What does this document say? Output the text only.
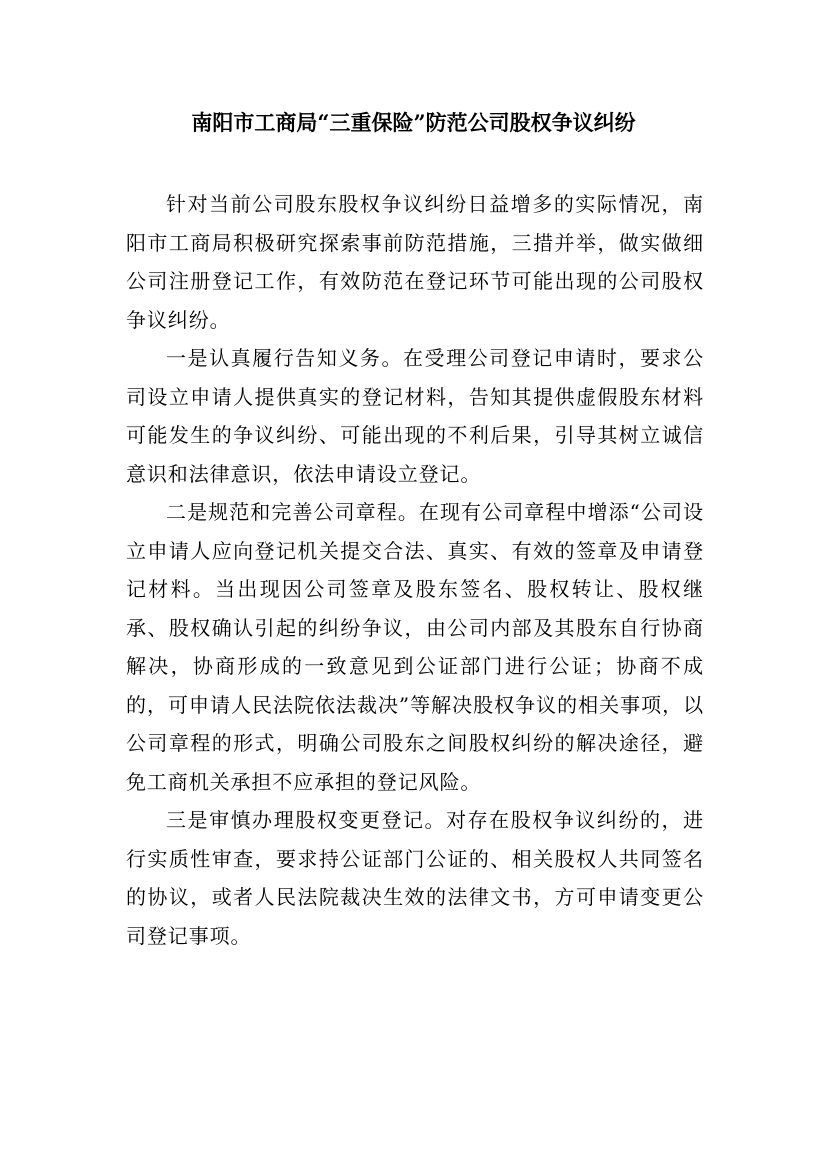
南阳市工商局“三重保险”防范公司股权争议纠纷

针对当前公司股东股权争议纠纷日益增多的实际情况，南阳市工商局积极研究探索事前防范措施，三措并举，做实做细公司注册登记工作，有效防范在登记环节可能出现的公司股权争议纠纷。

一是认真履行告知义务。在受理公司登记申请时，要求公司设立申请人提供真实的登记材料，告知其提供虚假股东材料可能发生的争议纠纷、可能出现的不利后果，引导其树立诚信意识和法律意识，依法申请设立登记。

二是规范和完善公司章程。在现有公司章程中增添“公司设立申请人应向登记机关提交合法、真实、有效的签章及申请登记材料。当出现因公司签章及股东签名、股权转让、股权继承、股权确认引起的纠纷争议，由公司内部及其股东自行协商解决，协商形成的一致意见到公证部门进行公证；协商不成的，可申请人民法院依法裁决”等解决股权争议的相关事项，以公司章程的形式，明确公司股东之间股权纠纷的解决途径，避免工商机关承担不应承担的登记风险。

三是审慎办理股权变更登记。对存在股权争议纠纷的，进行实质性审查，要求持公证部门公证的、相关股权人共同签名的协议，或者人民法院裁决生效的法律文书，方可申请变更公司登记事项。
